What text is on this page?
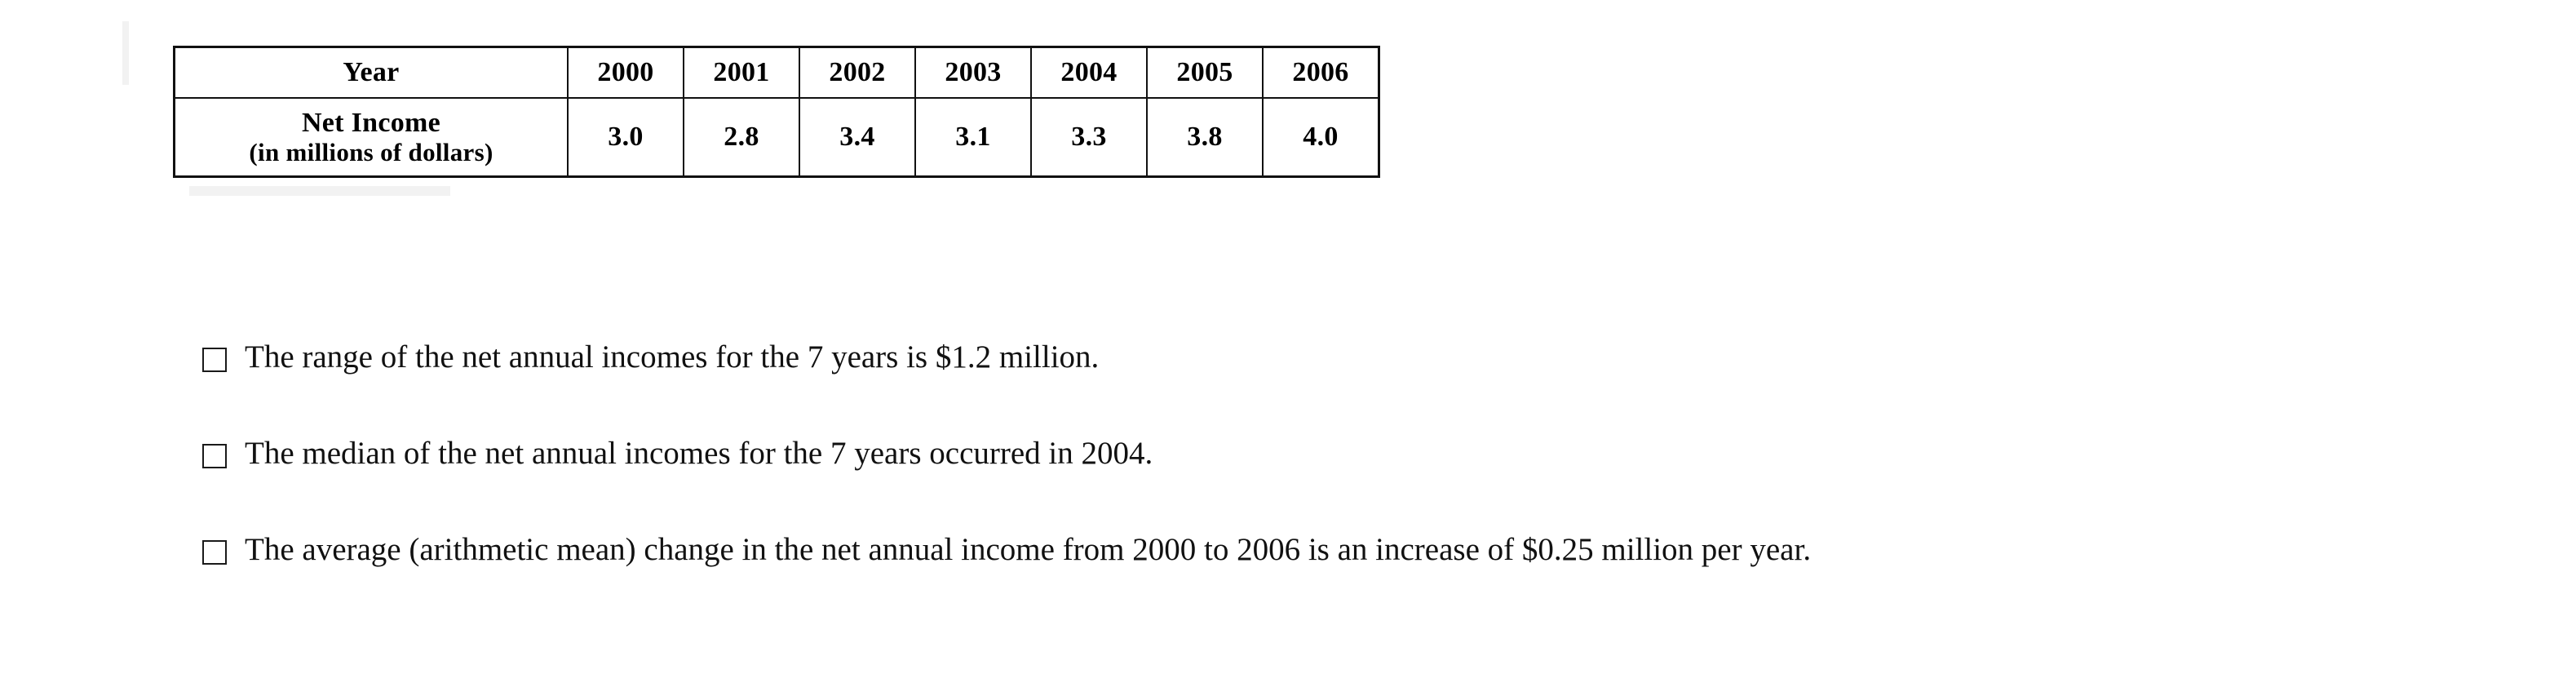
Year	2000	2001	2002	2003	2004	2005	2006

Net Income
(in millions of dollars)	3.0	2.8	3.4	3.1	3.3	3.8	4.0
The range of the net annual incomes for the 7 years is $1.2 million.
The median of the net annual incomes for the 7 years occurred in 2004.
The average (arithmetic mean) change in the net annual income from 2000 to 2006 is an increase of $0.25 million per year.
